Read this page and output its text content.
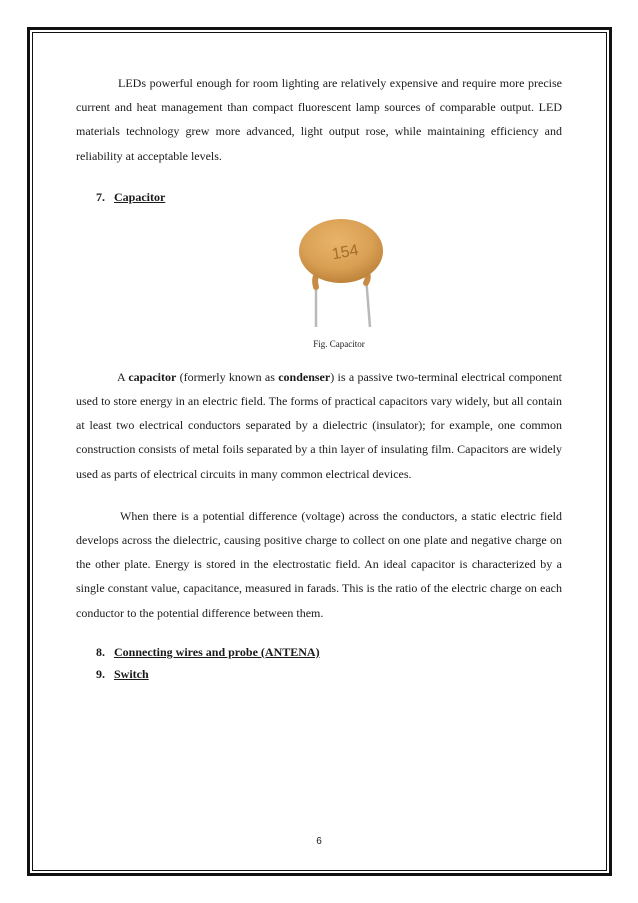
LEDs powerful enough for room lighting are relatively expensive and require more precise current and heat management than compact fluorescent lamp sources of comparable output. LED materials technology grew more advanced, light output rose, while maintaining efficiency and reliability at acceptable levels.

7. Capacitor
154
Fig. Capacitor

A capacitor (formerly known as condenser) is a passive two-terminal electrical component used to store energy in an electric field. The forms of practical capacitors vary widely, but all contain at least two electrical conductors separated by a dielectric (insulator); for example, one common construction consists of metal foils separated by a thin layer of insulating film. Capacitors are widely used as parts of electrical circuits in many common electrical devices.

When there is a potential difference (voltage) across the conductors, a static electric field develops across the dielectric, causing positive charge to collect on one plate and negative charge on the other plate. Energy is stored in the electrostatic field. An ideal capacitor is characterized by a single constant value, capacitance, measured in farads. This is the ratio of the electric charge on each conductor to the potential difference between them.

8. Connecting wires and probe (ANTENA)
9.   Switch
6
